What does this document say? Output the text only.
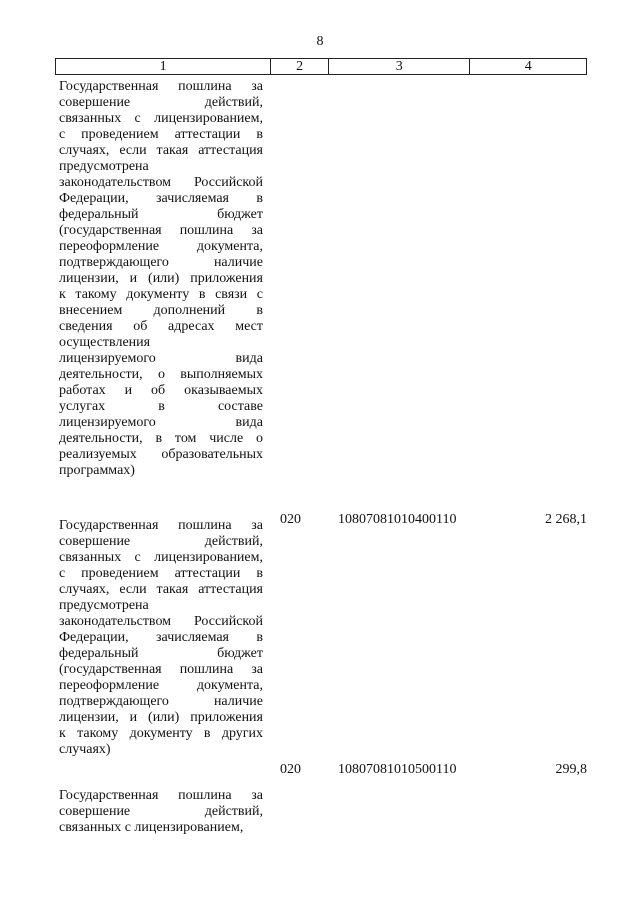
8
1	2	3	4
Государственная пошлина за
совершение действий,
связанных с лицензированием,
с проведением аттестации в
случаях, если такая аттестация
предусмотрена
законодательством Российской
Федерации, зачисляемая в
федеральный бюджет
(государственная пошлина за
переоформление документа,
подтверждающего наличие
лицензии, и (или) приложения
к такому документу в связи с
внесением дополнений в
сведения об адресах мест
осуществления
лицензируемого вида
деятельности, о выполняемых
работах и об оказываемых
услугах в составе
лицензируемого вида
деятельности, в том числе о
реализуемых образовательных
программах)
020	10807081010400110	2 268,1
Государственная пошлина за
совершение действий,
связанных с лицензированием,
с проведением аттестации в
случаях, если такая аттестация
предусмотрена
законодательством Российской
Федерации, зачисляемая в
федеральный бюджет
(государственная пошлина за
переоформление документа,
подтверждающего наличие
лицензии, и (или) приложения
к такому документу в других
случаях)
020	10807081010500110	299,8
Государственная пошлина за
совершение действий,
связанных с лицензированием,
